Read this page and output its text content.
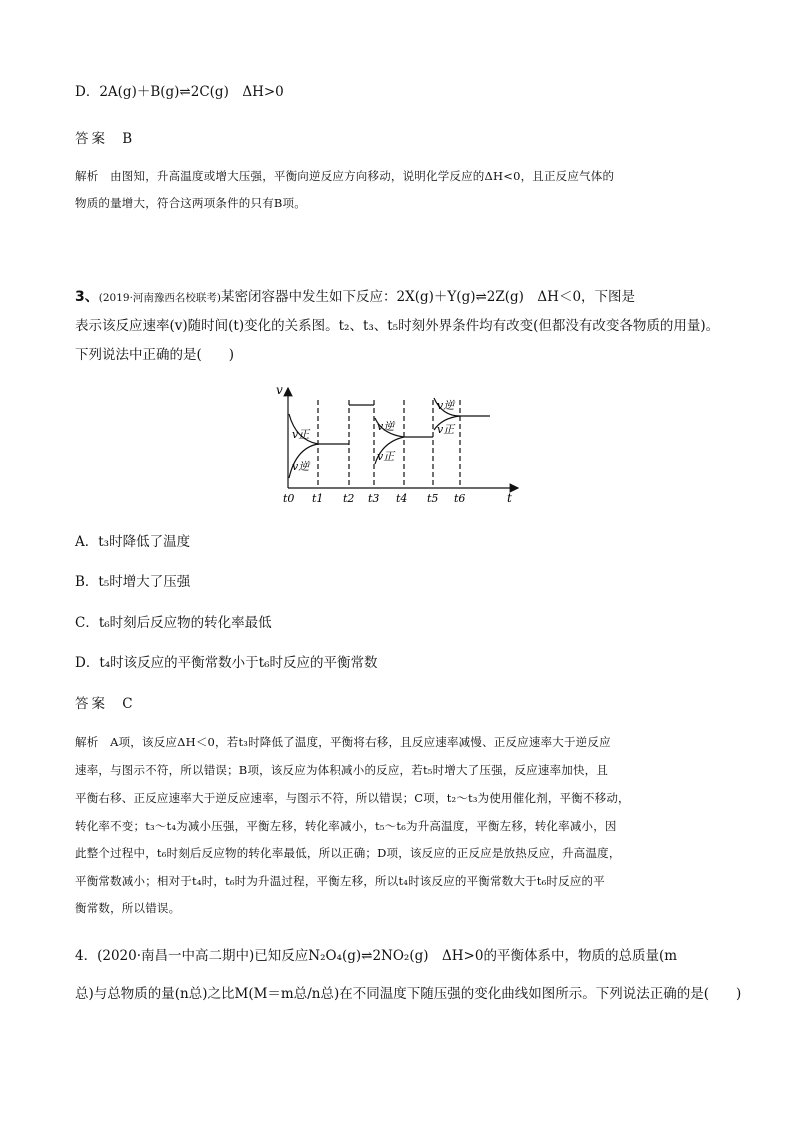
D．2A(g)＋B(g)⇌2C(g)　ΔH>0
答案 B
解析　由图知，升高温度或增大压强，平衡向逆反应方向移动，说明化学反应的ΔH<0，且正反应气体的
物质的量增大，符合这两项条件的只有B项。
3、(2019·河南豫西名校联考)某密闭容器中发生如下反应：2X(g)＋Y(g)⇌2Z(g)　ΔH＜0，下图是
表示该反应速率(v)随时间(t)变化的关系图。t₂、t₃、t₅时刻外界条件均有改变(但都没有改变各物质的用量)。
下列说法中正确的是(　　)
v
t
v正
v逆
v逆
v正
v逆
v正
t0 t1 t2 t3 t4 t5 t6
A．t₃时降低了温度
B．t₅时增大了压强
C．t₆时刻后反应物的转化率最低
D．t₄时该反应的平衡常数小于t₆时反应的平衡常数
答案 C
解析　A项，该反应ΔH＜0，若t₃时降低了温度，平衡将右移，且反应速率减慢、正反应速率大于逆反应
速率，与图示不符，所以错误；B项，该反应为体积减小的反应，若t₅时增大了压强，反应速率加快，且
平衡右移、正反应速率大于逆反应速率，与图示不符，所以错误；C项，t₂～t₃为使用催化剂，平衡不移动，
转化率不变；t₃～t₄为减小压强，平衡左移，转化率减小，t₅～t₆为升高温度，平衡左移，转化率减小，因
此整个过程中，t₆时刻后反应物的转化率最低，所以正确；D项，该反应的正反应是放热反应，升高温度，
平衡常数减小；相对于t₄时，t₆时为升温过程，平衡左移，所以t₄时该反应的平衡常数大于t₆时反应的平
衡常数，所以错误。
4．(2020·南昌一中高二期中)已知反应N₂O₄(g)⇌2NO₂(g)　ΔH>0的平衡体系中，物质的总质量(m
总)与总物质的量(n总)之比M(M＝m总/n总)在不同温度下随压强的变化曲线如图所示。下列说法正确的是(　　)
